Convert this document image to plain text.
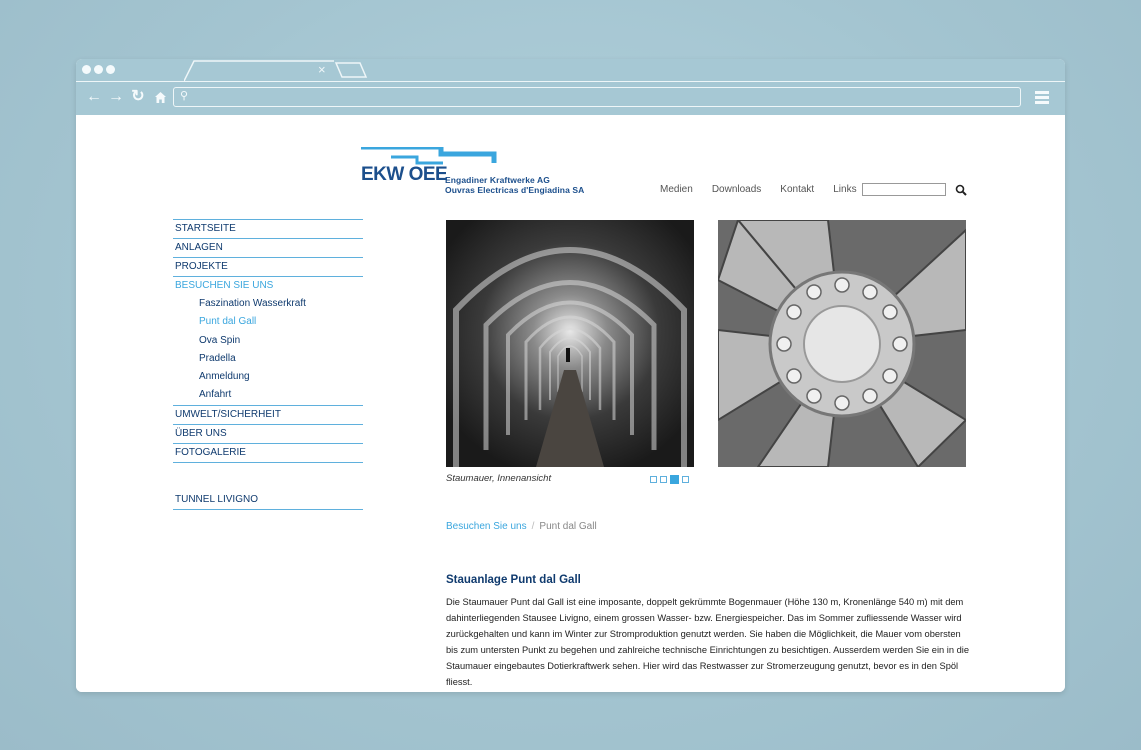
×
← → ↻	⚲
EKW OEE
Engadiner Kraftwerke AG
Ouvras Electricas d'Engiadina SA	Medien Downloads Kontakt Links
STARTSEITE
ANLAGEN
PROJEKTE
BESUCHEN SIE UNS
Faszination Wasserkraft
Punt dal Gall
Ova Spin
Pradella
Anmeldung
Anfahrt
UMWELT/SICHERHEIT
ÜBER UNS
FOTOGALERIE
TUNNEL LIVIGNO
Staumauer, Innenansicht
Besuchen Sie uns / Punt dal Gall
Stauanlage Punt dal Gall
Die Staumauer Punt dal Gall ist eine imposante, doppelt gekrümmte Bogenmauer (Höhe 130 m, Kronenlänge 540 m) mit dem dahinterliegenden Stausee Livigno, einem grossen Wasser- bzw. Energiespeicher. Das im Sommer zufliessende Wasser wird zurückgehalten und kann im Winter zur Stromproduktion genutzt werden. Sie haben die Möglichkeit, die Mauer vom obersten bis zum untersten Punkt zu begehen und zahlreiche technische Einrichtungen zu besichtigen. Ausserdem werden Sie ein in die Staumauer eingebautes Dotierkraftwerk sehen. Hier wird das Restwasser zur Stromerzeugung genutzt, bevor es in den Spöl fliesst.
